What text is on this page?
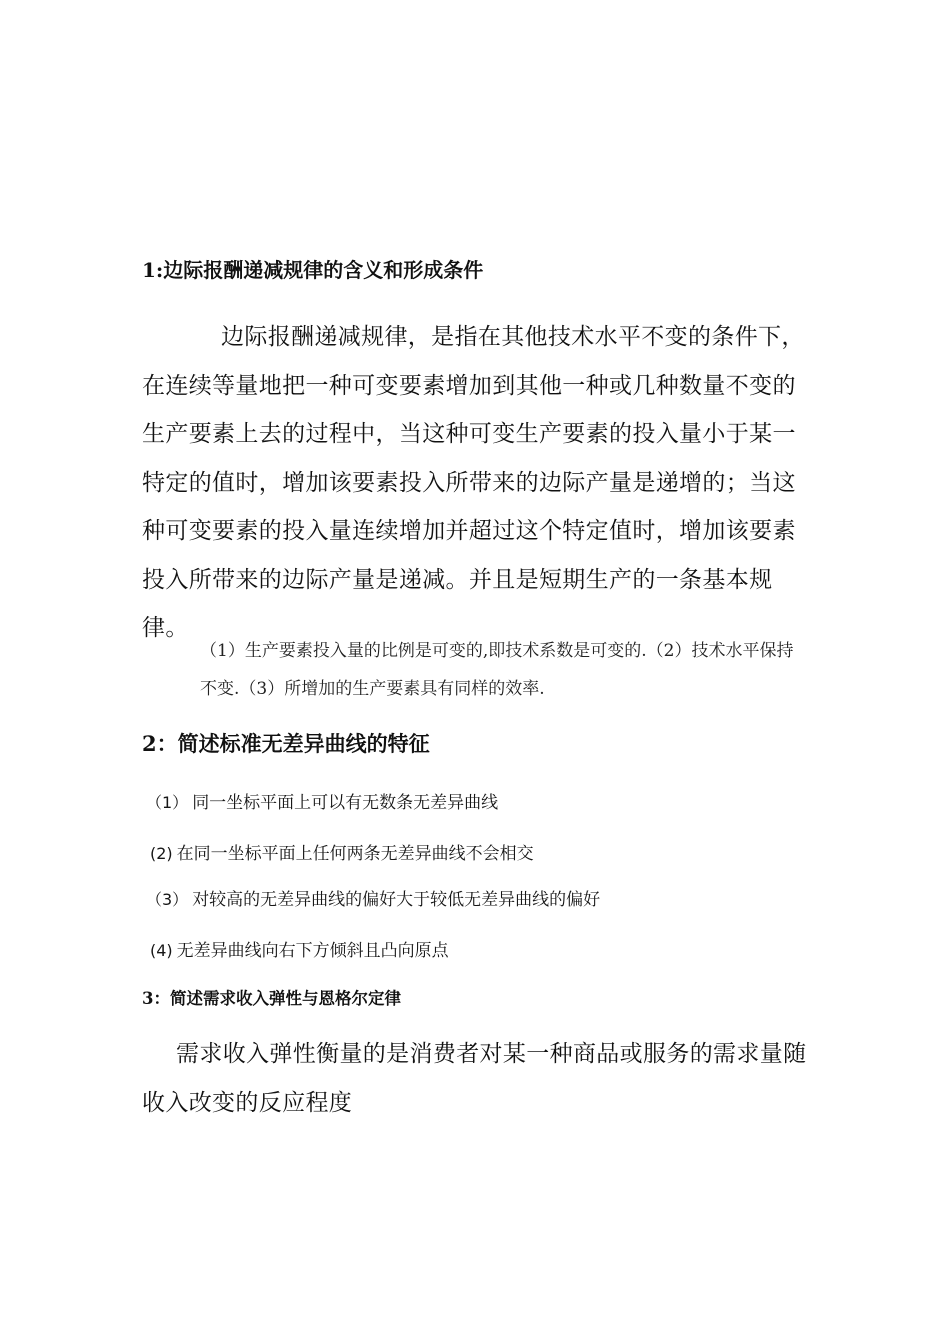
1:边际报酬递减规律的含义和形成条件

边际报酬递减规律，是指在其他技术水平不变的条件下，在连续等量地把一种可变要素增加到其他一种或几种数量不变的生产要素上去的过程中，当这种可变生产要素的投入量小于某一特定的值时，增加该要素投入所带来的边际产量是递增的；当这种可变要素的投入量连续增加并超过这个特定值时，增加该要素投入所带来的边际产量是递减。并且是短期生产的一条基本规律。

（1）生产要素投入量的比例是可变的,即技术系数是可变的.（2）技术水平保持不变.（3）所增加的生产要素具有同样的效率.

2：简述标准无差异曲线的特征
（1） 同一坐标平面上可以有无数条无差异曲线
(2) 在同一坐标平面上任何两条无差异曲线不会相交
（3） 对较高的无差异曲线的偏好大于较低无差异曲线的偏好
(4) 无差异曲线向右下方倾斜且凸向原点
3：简述需求收入弹性与恩格尔定律

需求收入弹性衡量的是消费者对某一种商品或服务的需求量随收入改变的反应程度
